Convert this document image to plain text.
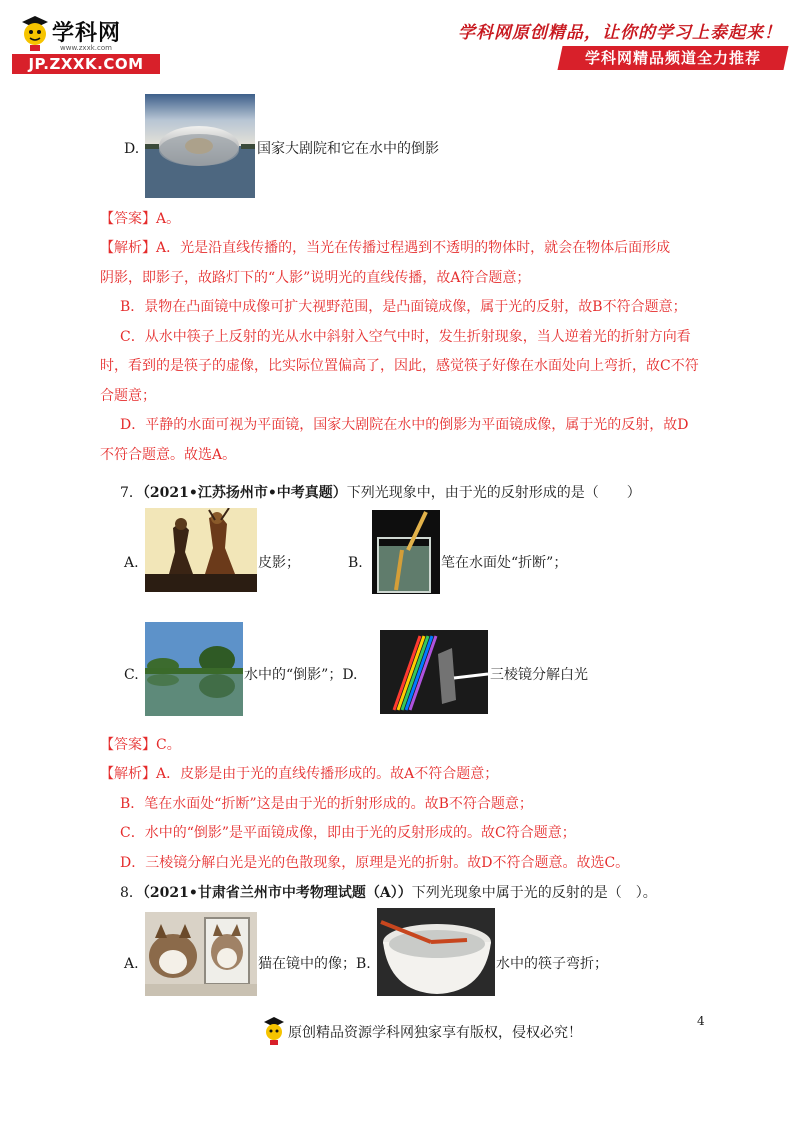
学科网
www.zxxk.com
JP.ZXXK.COM
学科网原创精品，让你的学习上泰起来！
学科网精品频道全力推荐
D.	国家大剧院和它在水中的倒影
【答案】A。
【解析】A．光是沿直线传播的，当光在传播过程遇到不透明的物体时，就会在物体后面形成
阴影，即影子，故路灯下的“人影”说明光的直线传播，故A符合题意；
B．景物在凸面镜中成像可扩大视野范围，是凸面镜成像，属于光的反射，故B不符合题意；
C．从水中筷子上反射的光从水中斜射入空气中时，发生折射现象，当人逆着光的折射方向看
时，看到的是筷子的虚像，比实际位置偏高了，因此，感觉筷子好像在水面处向上弯折，故C不符
合题意；
D．平静的水面可视为平面镜，国家大剧院在水中的倒影为平面镜成像，属于光的反射，故D
不符合题意。故选A。
7．（2021•江苏扬州市•中考真题）下列光现象中，由于光的反射形成的是（　　）
A.	皮影；	B.	笔在水面处“折断”；
C.	水中的“倒影”；D.	三棱镜分解白光
【答案】C。
【解析】A．皮影是由于光的直线传播形成的。故A不符合题意；
B．笔在水面处“折断”这是由于光的折射形成的。故B不符合题意；
C．水中的“倒影”是平面镜成像，即由于光的反射形成的。故C符合题意；
D．三棱镜分解白光是光的色散现象，原理是光的折射。故D不符合题意。故选C。
8．（2021•甘肃省兰州市中考物理试题（A））下列光现象中属于光的反射的是（　）。
A.	猫在镜中的像；B.	水中的筷子弯折；
原创精品资源学科网独家享有版权，侵权必究！
4
